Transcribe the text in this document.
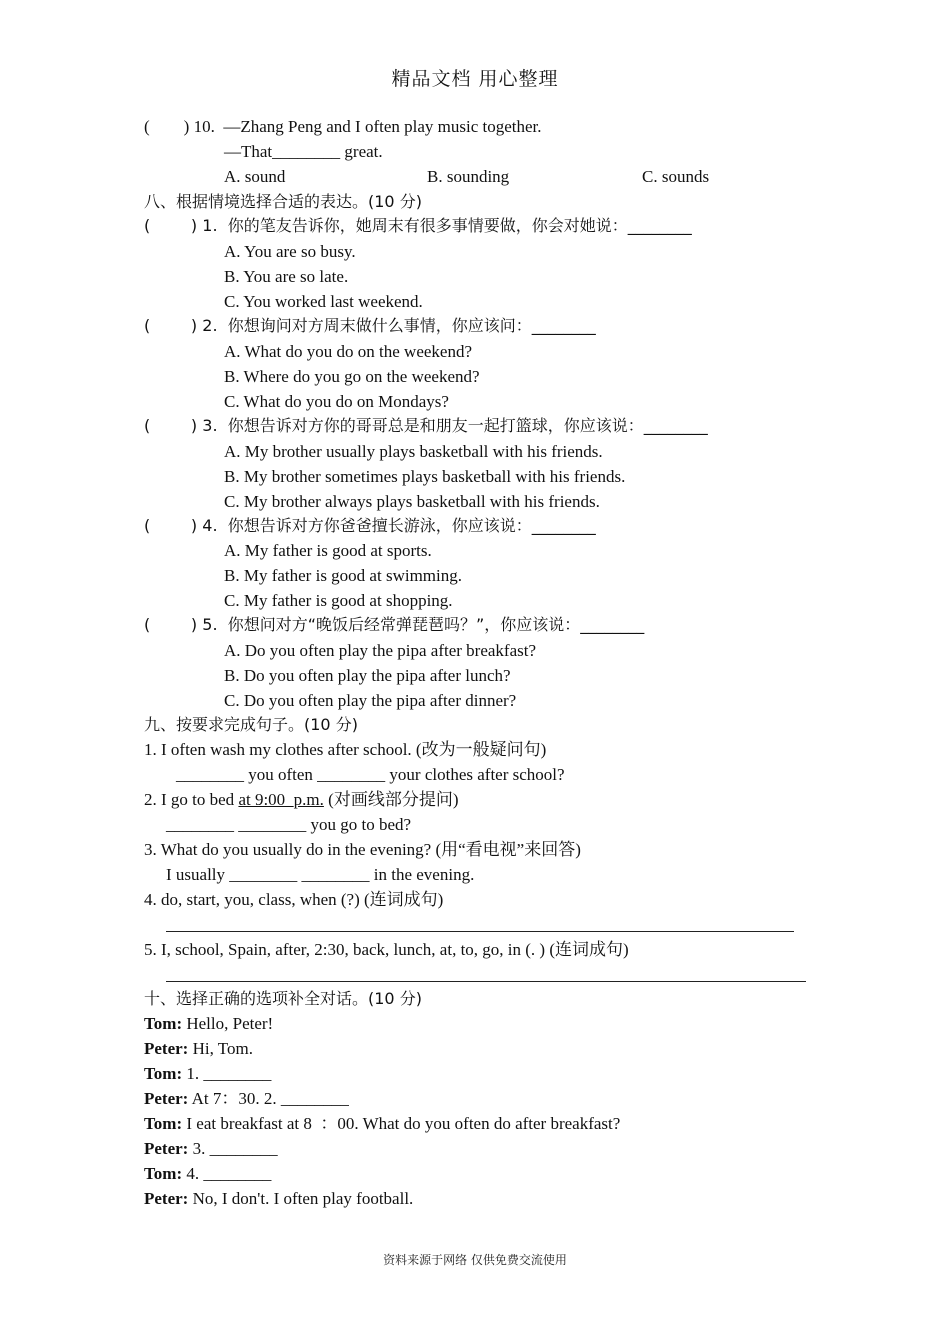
精品文档 用心整理
(        ) 10.  —Zhang Peng and I often play music together.
—That________ great.
A. sound	B. sounding	C. sounds
八、根据情境选择合适的表达。(10 分)
(        ) 1.  你的笔友告诉你，她周末有很多事情要做，你会对她说：________
A. You are so busy.
B. You are so late.
C. You worked last weekend.
(        ) 2.  你想询问对方周末做什么事情，你应该问：________
A. What do you do on the weekend?
B. Where do you go on the weekend?
C. What do you do on Mondays?
(        ) 3.  你想告诉对方你的哥哥总是和朋友一起打篮球，你应该说：________
A. My brother usually plays basketball with his friends.
B. My brother sometimes plays basketball with his friends.
C. My brother always plays basketball with his friends.
(        ) 4.  你想告诉对方你爸爸擅长游泳，你应该说：________
A. My father is good at sports.
B. My father is good at swimming.
C. My father is good at shopping.
(        ) 5.  你想问对方“晚饭后经常弹琵琶吗？”，你应该说：________
A. Do you often play the pipa after breakfast?
B. Do you often play the pipa after lunch?
C. Do you often play the pipa after dinner?
九、按要求完成句子。(10 分)
1. I often wash my clothes after school. (改为一般疑问句)
________ you often ________ your clothes after school?
2. I go to bed at 9:00_p.m. (对画线部分提问)
________ ________ you go to bed?
3. What do you usually do in the evening? (用“看电视”来回答)
I usually ________ ________ in the evening.
4. do, start, you, class, when (?) (连词成句)
5. I, school, Spain, after, 2:30, back, lunch, at, to, go, in (. ) (连词成句)
十、选择正确的选项补全对话。(10 分)
Tom: Hello, Peter!
Peter: Hi, Tom.
Tom: 1. ________
Peter: At 7：30. 2. ________
Tom: I eat breakfast at 8  ：00. What do you often do after breakfast?
Peter: 3. ________
Tom: 4. ________
Peter: No, I don't. I often play football.
资料来源于网络 仅供免费交流使用
